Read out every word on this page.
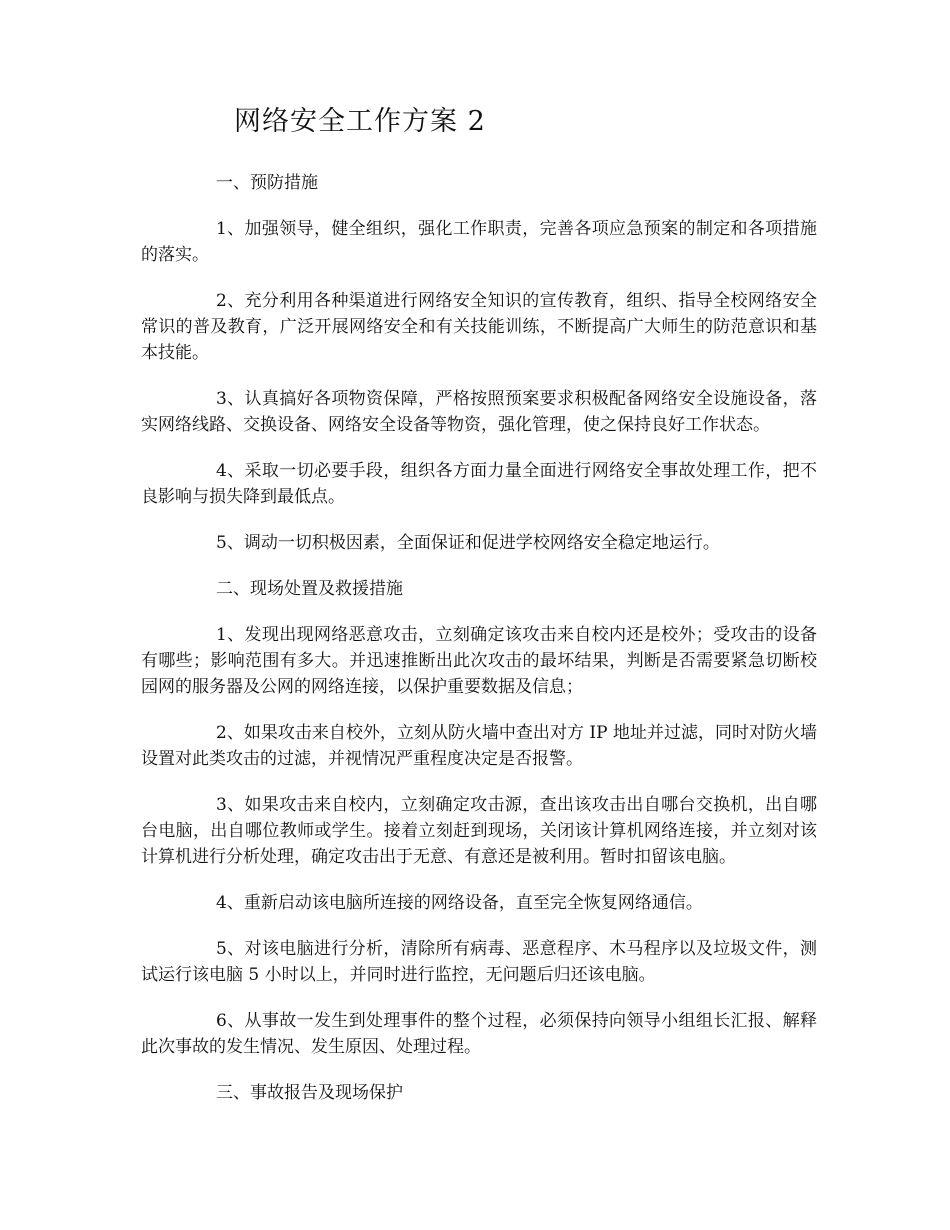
网络安全工作方案 2

一、预防措施

1、加强领导，健全组织，强化工作职责，完善各项应急预案的制定和各项措施的落实。

2、充分利用各种渠道进行网络安全知识的宣传教育，组织、指导全校网络安全常识的普及教育，广泛开展网络安全和有关技能训练，不断提高广大师生的防范意识和基本技能。

3、认真搞好各项物资保障，严格按照预案要求积极配备网络安全设施设备，落实网络线路、交换设备、网络安全设备等物资，强化管理，使之保持良好工作状态。

4、采取一切必要手段，组织各方面力量全面进行网络安全事故处理工作，把不良影响与损失降到最低点。

5、调动一切积极因素，全面保证和促进学校网络安全稳定地运行。

二、现场处置及救援措施

1、发现出现网络恶意攻击，立刻确定该攻击来自校内还是校外；受攻击的设备有哪些；影响范围有多大。并迅速推断出此次攻击的最坏结果，判断是否需要紧急切断校园网的服务器及公网的网络连接，以保护重要数据及信息；

2、如果攻击来自校外，立刻从防火墙中查出对方 IP 地址并过滤，同时对防火墙设置对此类攻击的过滤，并视情况严重程度决定是否报警。

3、如果攻击来自校内，立刻确定攻击源，查出该攻击出自哪台交换机，出自哪台电脑，出自哪位教师或学生。接着立刻赶到现场，关闭该计算机网络连接，并立刻对该计算机进行分析处理，确定攻击出于无意、有意还是被利用。暂时扣留该电脑。

4、重新启动该电脑所连接的网络设备，直至完全恢复网络通信。

5、对该电脑进行分析，清除所有病毒、恶意程序、木马程序以及垃圾文件，测试运行该电脑 5 小时以上，并同时进行监控，无问题后归还该电脑。

6、从事故一发生到处理事件的整个过程，必须保持向领导小组组长汇报、解释此次事故的发生情况、发生原因、处理过程。

三、事故报告及现场保护
